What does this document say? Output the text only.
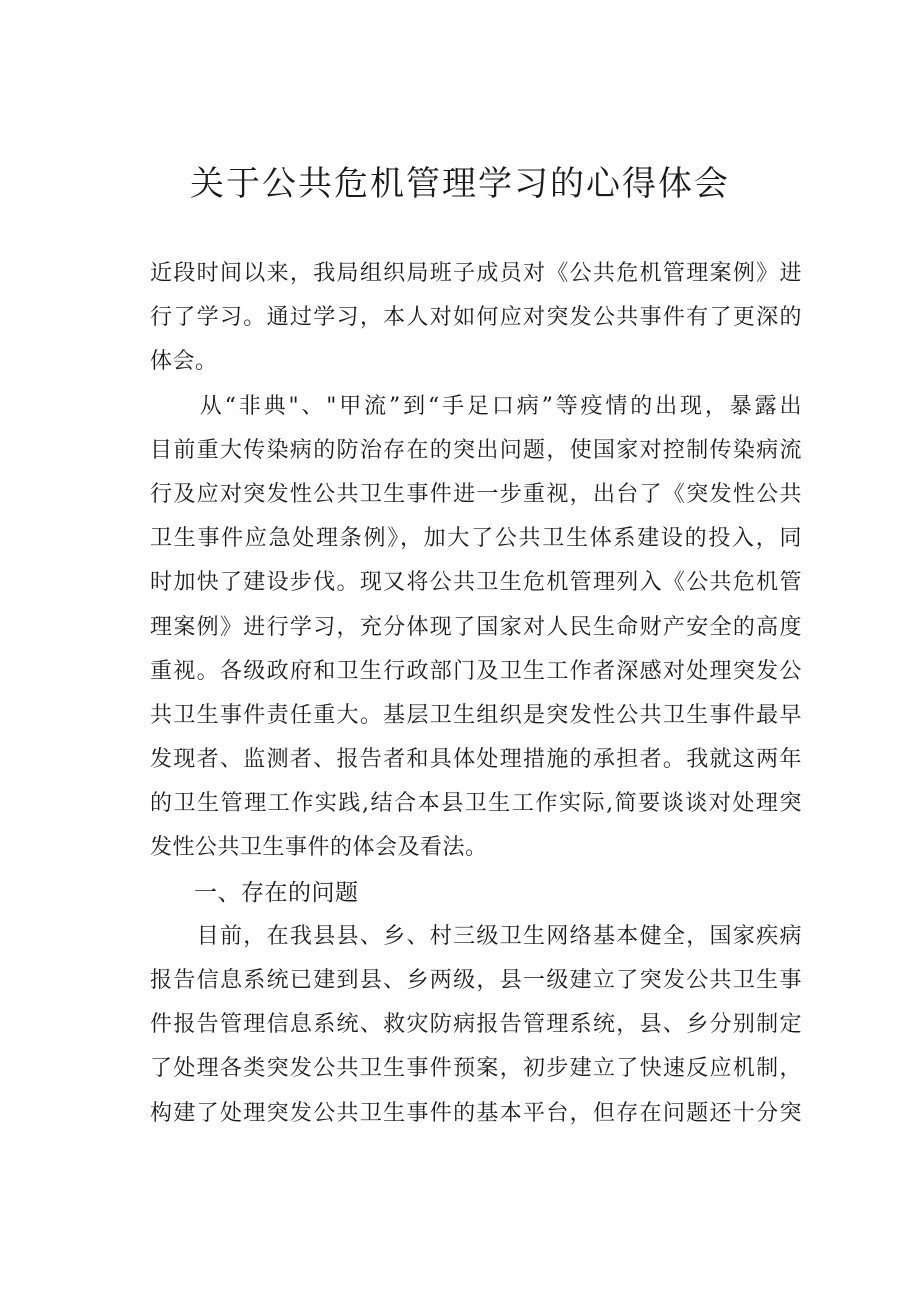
关于公共危机管理学习的心得体会
近段时间以来，我局组织局班子成员对《公共危机管理案例》进
行了学习。通过学习，本人对如何应对突发公共事件有了更深的
体会。
　　从“非典"、"甲流”到“手足口病”等疫情的出现，暴露出
目前重大传染病的防治存在的突出问题，使国家对控制传染病流
行及应对突发性公共卫生事件进一步重视，出台了《突发性公共
卫生事件应急处理条例》，加大了公共卫生体系建设的投入，同
时加快了建设步伐。现又将公共卫生危机管理列入《公共危机管
理案例》进行学习，充分体现了国家对人民生命财产安全的高度
重视。各级政府和卫生行政部门及卫生工作者深感对处理突发公
共卫生事件责任重大。基层卫生组织是突发性公共卫生事件最早
发现者、监测者、报告者和具体处理措施的承担者。我就这两年
的卫生管理工作实践,结合本县卫生工作实际,简要谈谈对处理突
发性公共卫生事件的体会及看法。
一、存在的问题
　　目前，在我县县、乡、村三级卫生网络基本健全，国家疾病
报告信息系统已建到县、乡两级，县一级建立了突发公共卫生事
件报告管理信息系统、救灾防病报告管理系统，县、乡分别制定
了处理各类突发公共卫生事件预案，初步建立了快速反应机制，
构建了处理突发公共卫生事件的基本平台，但存在问题还十分突
